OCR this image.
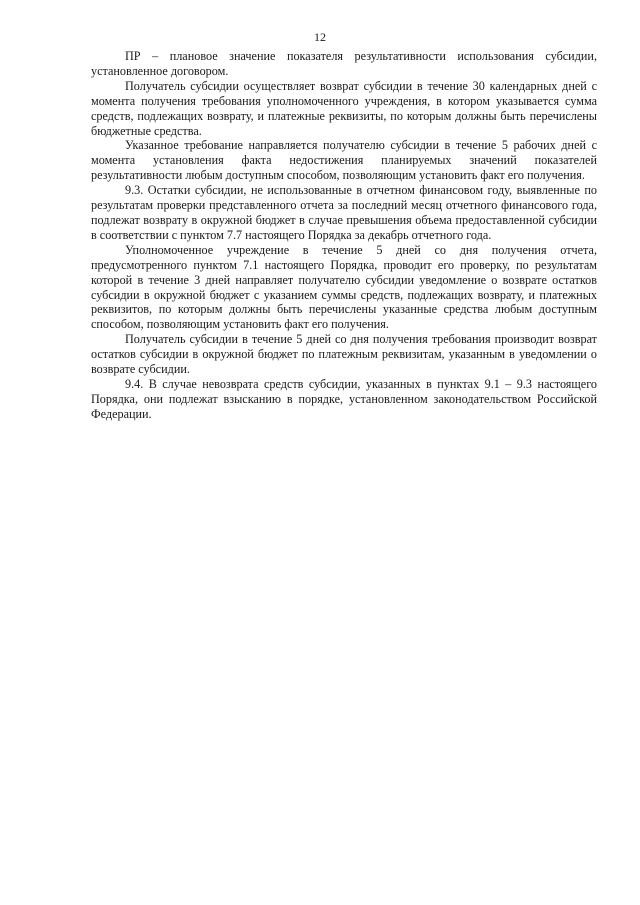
12

ПР – плановое значение показателя результативности использования субсидии, установленное договором.

Получатель субсидии осуществляет возврат субсидии в течение 30 календарных дней с момента получения требования уполномоченного учреждения, в котором указывается сумма средств, подлежащих возврату, и платежные реквизиты, по которым должны быть перечислены бюджетные средства.

Указанное требование направляется получателю субсидии в течение 5 рабочих дней с момента установления факта недостижения планируемых значений показателей результативности любым доступным способом, позволяющим установить факт его получения.

9.3. Остатки субсидии, не использованные в отчетном финансовом году, выявленные по результатам проверки представленного отчета за последний месяц отчетного финансового года, подлежат возврату в окружной бюджет в случае превышения объема предоставленной субсидии в соответствии с пунктом 7.7 настоящего Порядка за декабрь отчетного года.

Уполномоченное учреждение в течение 5 дней со дня получения отчета, предусмотренного пунктом 7.1 настоящего Порядка, проводит его проверку, по результатам которой в течение 3 дней направляет получателю субсидии уведомление о возврате остатков субсидии в окружной бюджет с указанием суммы средств, подлежащих возврату, и платежных реквизитов, по которым должны быть перечислены указанные средства любым доступным способом, позволяющим установить факт его получения.

Получатель субсидии в течение 5 дней со дня получения требования производит возврат остатков субсидии в окружной бюджет по платежным реквизитам, указанным в уведомлении о возврате субсидии.

9.4. В случае невозврата средств субсидии, указанных в пунктах 9.1 – 9.3 настоящего Порядка, они подлежат взысканию в порядке, установленном законодательством Российской Федерации.
